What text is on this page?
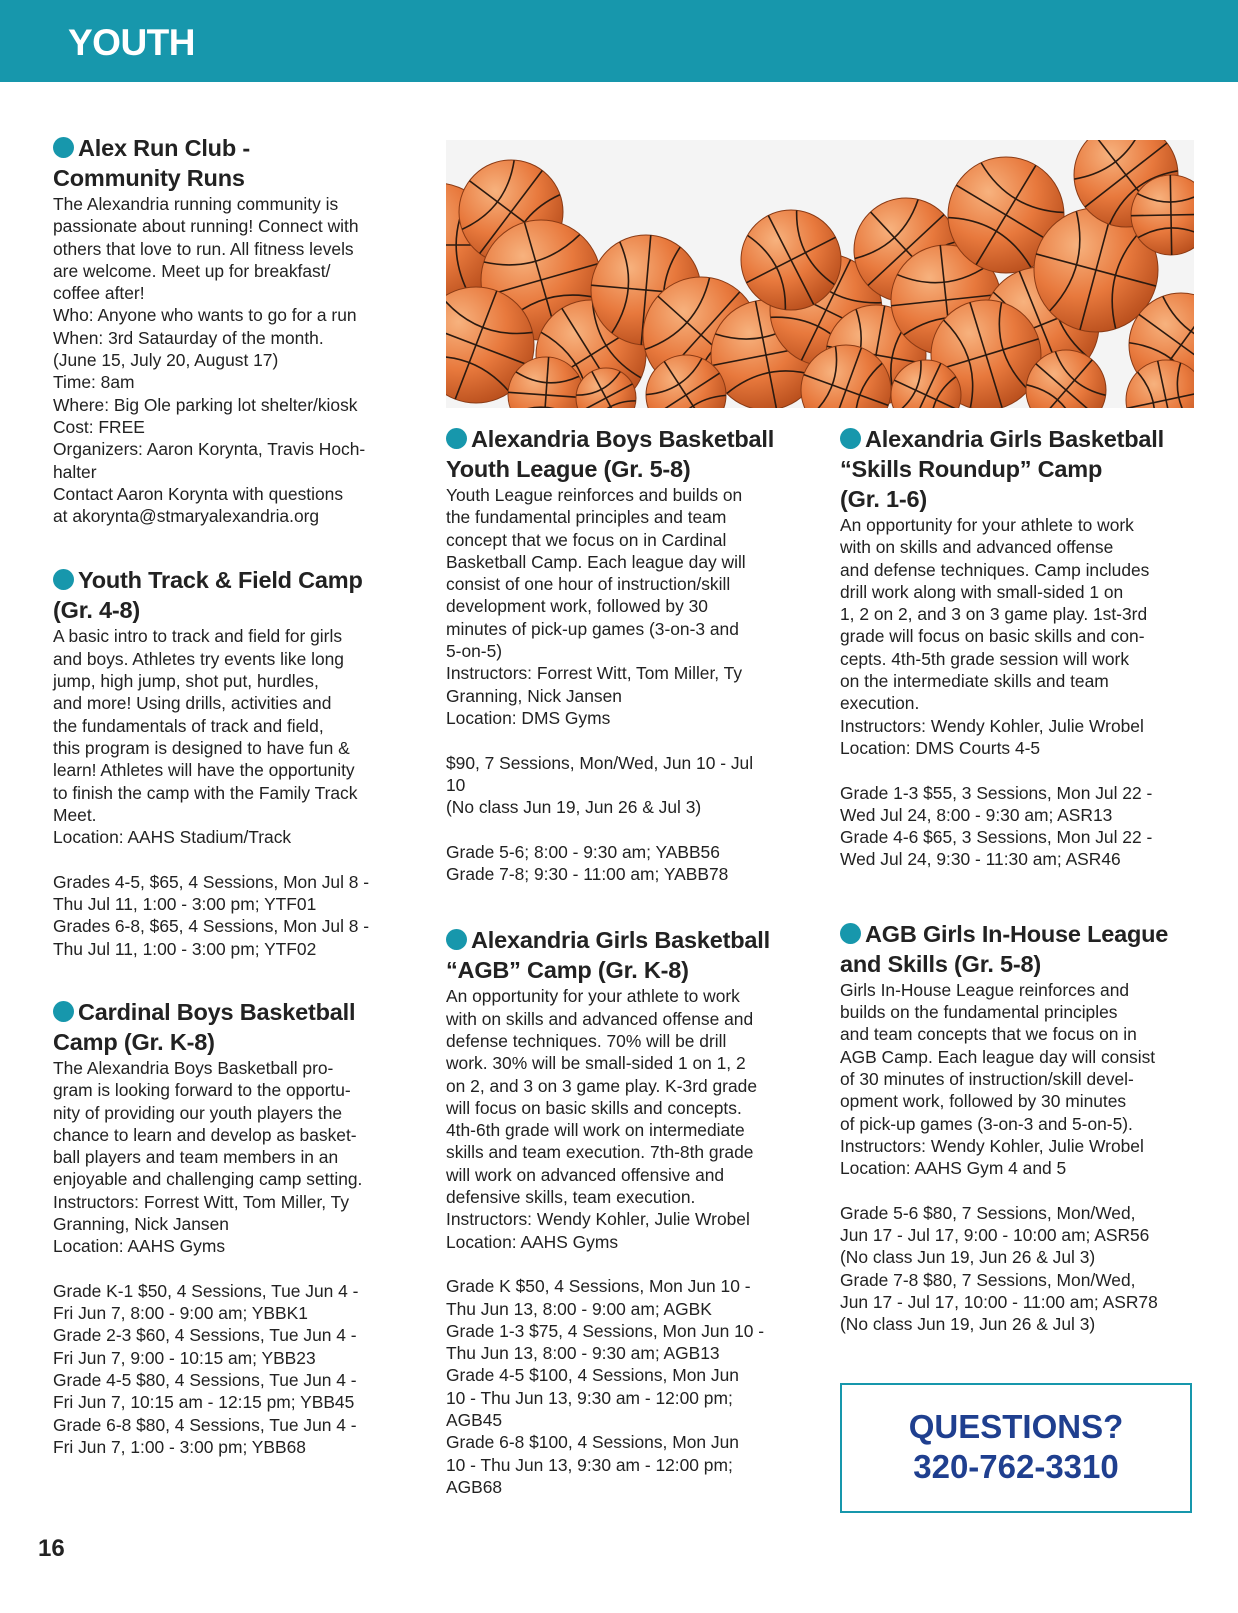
YOUTH
Alex Run Club -
Community Runs
The Alexandria running community is
passionate about running! Connect with
others that love to run. All fitness levels
are welcome. Meet up for breakfast/
coffee after!
Who: Anyone who wants to go for a run
When: 3rd Sataurday of the month.
(June 15, July 20, August 17)
Time: 8am
Where: Big Ole parking lot shelter/kiosk
Cost: FREE
Organizers: Aaron Korynta, Travis Hoch-
halter
Contact Aaron Korynta with questions
at akorynta@stmaryalexandria.org
Youth Track & Field Camp
(Gr. 4-8)
A basic intro to track and field for girls
and boys. Athletes try events like long
jump, high jump, shot put, hurdles,
and more! Using drills, activities and
the fundamentals of track and field,
this program is designed to have fun &
learn! Athletes will have the opportunity
to finish the camp with the Family Track
Meet.
Location: AAHS Stadium/Track
Grades 4-5, $65, 4 Sessions, Mon Jul 8 -
Thu Jul 11, 1:00 - 3:00 pm; YTF01
Grades 6-8, $65, 4 Sessions, Mon Jul 8 -
Thu Jul 11, 1:00 - 3:00 pm; YTF02
Cardinal Boys Basketball
Camp (Gr. K-8)
The Alexandria Boys Basketball pro-
gram is looking forward to the opportu-
nity of providing our youth players the
chance to learn and develop as basket-
ball players and team members in an
enjoyable and challenging camp setting.
Instructors: Forrest Witt, Tom Miller, Ty
Granning, Nick Jansen
Location: AAHS Gyms
Grade K-1 $50, 4 Sessions, Tue Jun 4 -
Fri Jun 7, 8:00 - 9:00 am; YBBK1
Grade 2-3 $60, 4 Sessions, Tue Jun 4 -
Fri Jun 7, 9:00 - 10:15 am; YBB23
Grade 4-5 $80, 4 Sessions, Tue Jun 4 -
Fri Jun 7, 10:15 am - 12:15 pm; YBB45
Grade 6-8 $80, 4 Sessions, Tue Jun 4 -
Fri Jun 7, 1:00 - 3:00 pm; YBB68
Alexandria Boys Basketball
Youth League (Gr. 5-8)
Youth League reinforces and builds on
the fundamental principles and team
concept that we focus on in Cardinal
Basketball Camp. Each league day will
consist of one hour of instruction/skill
development work, followed by 30
minutes of pick-up games (3-on-3 and
5-on-5)
Instructors: Forrest Witt, Tom Miller, Ty
Granning, Nick Jansen
Location: DMS Gyms
$90, 7 Sessions, Mon/Wed, Jun 10 - Jul
10
(No class Jun 19, Jun 26 & Jul 3)
Grade 5-6; 8:00 - 9:30 am; YABB56
Grade 7-8; 9:30 - 11:00 am; YABB78
Alexandria Girls Basketball
“AGB” Camp (Gr. K-8)
An opportunity for your athlete to work
with on skills and advanced offense and
defense techniques. 70% will be drill
work. 30% will be small-sided 1 on 1, 2
on 2, and 3 on 3 game play. K-3rd grade
will focus on basic skills and concepts.
4th-6th grade will work on intermediate
skills and team execution. 7th-8th grade
will work on advanced offensive and
defensive skills, team execution.
Instructors: Wendy Kohler, Julie Wrobel
Location: AAHS Gyms
Grade K $50, 4 Sessions, Mon Jun 10 -
Thu Jun 13, 8:00 - 9:00 am; AGBK
Grade 1-3 $75, 4 Sessions, Mon Jun 10 -
Thu Jun 13, 8:00 - 9:30 am; AGB13
Grade 4-5 $100, 4 Sessions, Mon Jun
10 - Thu Jun 13, 9:30 am - 12:00 pm;
AGB45
Grade 6-8 $100, 4 Sessions, Mon Jun
10 - Thu Jun 13, 9:30 am - 12:00 pm;
AGB68
Alexandria Girls Basketball
“Skills Roundup” Camp
(Gr. 1-6)
An opportunity for your athlete to work
with on skills and advanced offense
and defense techniques. Camp includes
drill work along with small-sided 1 on
1, 2 on 2, and 3 on 3 game play. 1st-3rd
grade will focus on basic skills and con-
cepts. 4th-5th grade session will work
on the intermediate skills and team
execution.
Instructors: Wendy Kohler, Julie Wrobel
Location: DMS Courts 4-5
Grade 1-3 $55, 3 Sessions, Mon Jul 22 -
Wed Jul 24, 8:00 - 9:30 am; ASR13
Grade 4-6 $65, 3 Sessions, Mon Jul 22 -
Wed Jul 24, 9:30 - 11:30 am; ASR46
AGB Girls In-House League
and Skills (Gr. 5-8)
Girls In-House League reinforces and
builds on the fundamental principles
and team concepts that we focus on in
AGB Camp. Each league day will consist
of 30 minutes of instruction/skill devel-
opment work, followed by 30 minutes
of pick-up games (3-on-3 and 5-on-5).
Instructors: Wendy Kohler, Julie Wrobel
Location: AAHS Gym 4 and 5
Grade 5-6 $80, 7 Sessions, Mon/Wed,
Jun 17 - Jul 17, 9:00 - 10:00 am; ASR56
(No class Jun 19, Jun 26 & Jul 3)
Grade 7-8 $80, 7 Sessions, Mon/Wed,
Jun 17 - Jul 17, 10:00 - 11:00 am; ASR78
(No class Jun 19, Jun 26 & Jul 3)
QUESTIONS?
320-762-3310
16
